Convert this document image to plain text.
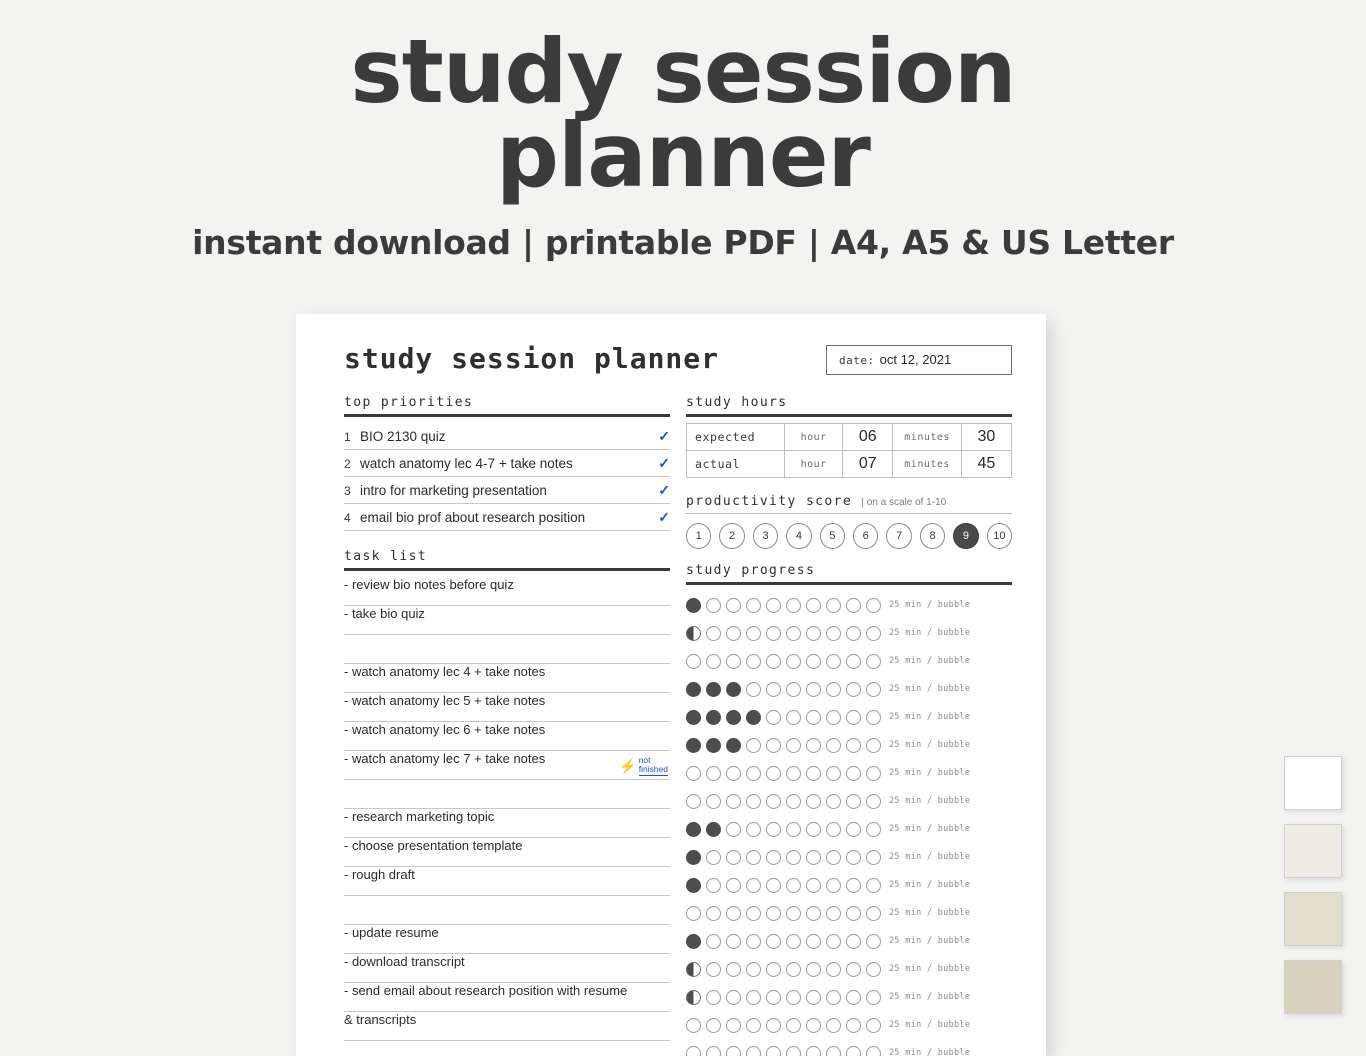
study session
planner
instant download | printable PDF | A4, A5 & US Letter
study session planner	date: oct 12, 2021
top priorities
1 BIO 2130 quiz	✓
2 watch anatomy lec 4-7 + take notes	✓
3 intro for marketing presentation	✓
4 email bio prof about research position	✓
task list
- review bio notes before quiz
- take bio quiz
- watch anatomy lec 4 + take notes
- watch anatomy lec 5 + take notes
- watch anatomy lec 6 + take notes
- watch anatomy lec 7 + take notes	⚡ not
finished
- research marketing topic
- choose presentation template
- rough draft
- update resume
- download transcript
- send email about research position with resume
& transcripts
study hours
expected	hour	06	minutes	30
actual	hour	07	minutes	45
productivity score | on a scale of 1-10
1	2	3	4	5	6	7	8	9	10
study progress
25 min / bubble
25 min / bubble
25 min / bubble
25 min / bubble
25 min / bubble
25 min / bubble
25 min / bubble
25 min / bubble
25 min / bubble
25 min / bubble
25 min / bubble
25 min / bubble
25 min / bubble
25 min / bubble
25 min / bubble
25 min / bubble
25 min / bubble
